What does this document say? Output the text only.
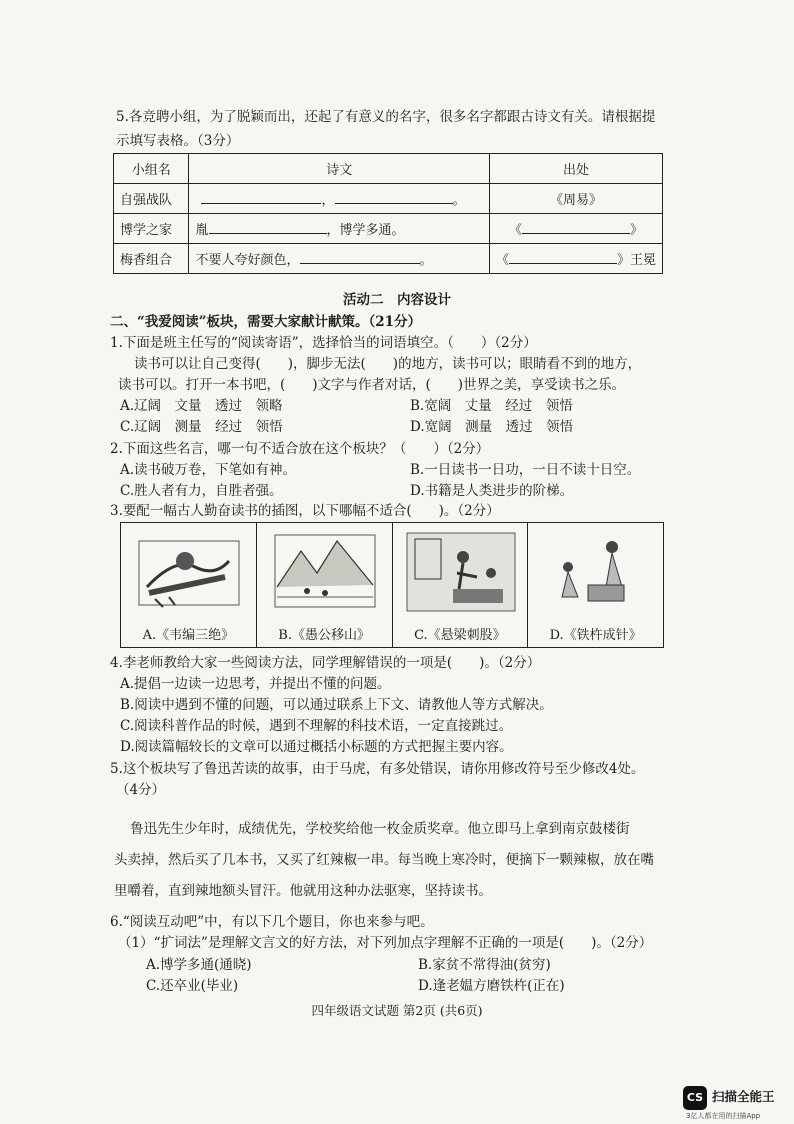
5.各竞聘小组，为了脱颖而出，还起了有意义的名字，很多名字都跟古诗文有关。请根据提
示填写表格。（3分）
小组名	诗文	出处
自强战队	， 。	《周易》
博学之家	胤 ，博学多通。	《 》
梅香组合	不要人夸好颜色， 。	《 》王冕
活动二　内容设计
二、“我爱阅读”板块，需要大家献计献策。（21分）
1.下面是班主任写的“阅读寄语”，选择恰当的词语填空。（　　）（2分）
读书可以让自己变得(　　)，脚步无法(　　)的地方，读书可以；眼睛看不到的地方，
读书可以。打开一本书吧，(　　)文字与作者对话，(　　)世界之美，享受读书之乐。
A.辽阔　文量　透过　领略	B.宽阔　丈量　经过　领悟
C.辽阔　测量　经过　领悟	D.宽阔　测量　透过　领悟
2.下面这些名言，哪一句不适合放在这个板块？（　　）（2分）
A.读书破万卷，下笔如有神。	B.一日读书一日功，一日不读十日空。
C.胜人者有力，自胜者强。	D.书籍是人类进步的阶梯。
3.要配一幅古人勤奋读书的插图，以下哪幅不适合(　　)。（2分）
A.《韦编三绝》	B.《愚公移山》	C.《悬梁刺股》	D.《铁杵成针》
4.李老师教给大家一些阅读方法，同学理解错误的一项是(　　)。（2分）
A.提倡一边读一边思考，并提出不懂的问题。
B.阅读中遇到不懂的问题，可以通过联系上下文、请教他人等方式解决。
C.阅读科普作品的时候，遇到不理解的科技术语，一定直接跳过。
D.阅读篇幅较长的文章可以通过概括小标题的方式把握主要内容。
5.这个板块写了鲁迅苦读的故事，由于马虎，有多处错误，请你用修改符号至少修改4处。
（4分）
鲁迅先生少年时，成绩优先，学校奖给他一枚金质奖章。他立即马上拿到南京鼓楼街
头卖掉，然后买了几本书，又买了红辣椒一串。每当晚上寒冷时，便摘下一颗辣椒，放在嘴
里嚼着，直到辣地额头冒汗。他就用这种办法驱寒，坚持读书。
6.“阅读互动吧”中，有以下几个题目，你也来参与吧。
（1）“扩词法”是理解文言文的好方法，对下列加点字理解不正确的一项是(　　)。（2分）
A.博学多通(通晓)	B.家贫不常得油(贫穷)
C.还卒业(毕业)	D.逢老媪方磨铁杵(正在)
四年级语文试题 第2页 (共6页)
CS 扫描全能王
3亿人都在用的扫描App
